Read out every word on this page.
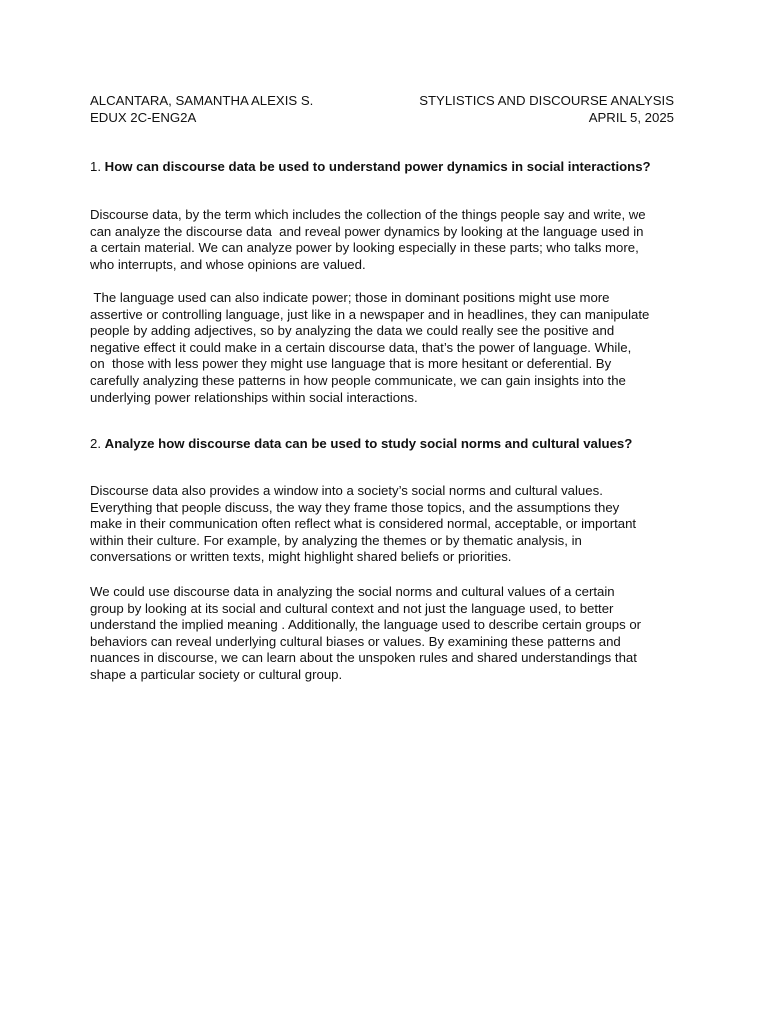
ALCANTARA, SAMANTHA ALEXIS S.	STYLISTICS AND DISCOURSE ANALYSIS
EDUX 2C-ENG2A	APRIL 5, 2025
1. How can discourse data be used to understand power dynamics in social interactions?
Discourse data, by the term which includes the collection of the things people say and write, we
can analyze the discourse data  and reveal power dynamics by looking at the language used in
a certain material. We can analyze power by looking especially in these parts; who talks more,
who interrupts, and whose opinions are valued.
The language used can also indicate power; those in dominant positions might use more
assertive or controlling language, just like in a newspaper and in headlines, they can manipulate
people by adding adjectives, so by analyzing the data we could really see the positive and
negative effect it could make in a certain discourse data, that’s the power of language. While,
on  those with less power they might use language that is more hesitant or deferential. By
carefully analyzing these patterns in how people communicate, we can gain insights into the
underlying power relationships within social interactions.
2. Analyze how discourse data can be used to study social norms and cultural values?
Discourse data also provides a window into a society’s social norms and cultural values.
Everything that people discuss, the way they frame those topics, and the assumptions they
make in their communication often reflect what is considered normal, acceptable, or important
within their culture. For example, by analyzing the themes or by thematic analysis, in
conversations or written texts, might highlight shared beliefs or priorities.
We could use discourse data in analyzing the social norms and cultural values of a certain
group by looking at its social and cultural context and not just the language used, to better
understand the implied meaning . Additionally, the language used to describe certain groups or
behaviors can reveal underlying cultural biases or values. By examining these patterns and
nuances in discourse, we can learn about the unspoken rules and shared understandings that
shape a particular society or cultural group.
